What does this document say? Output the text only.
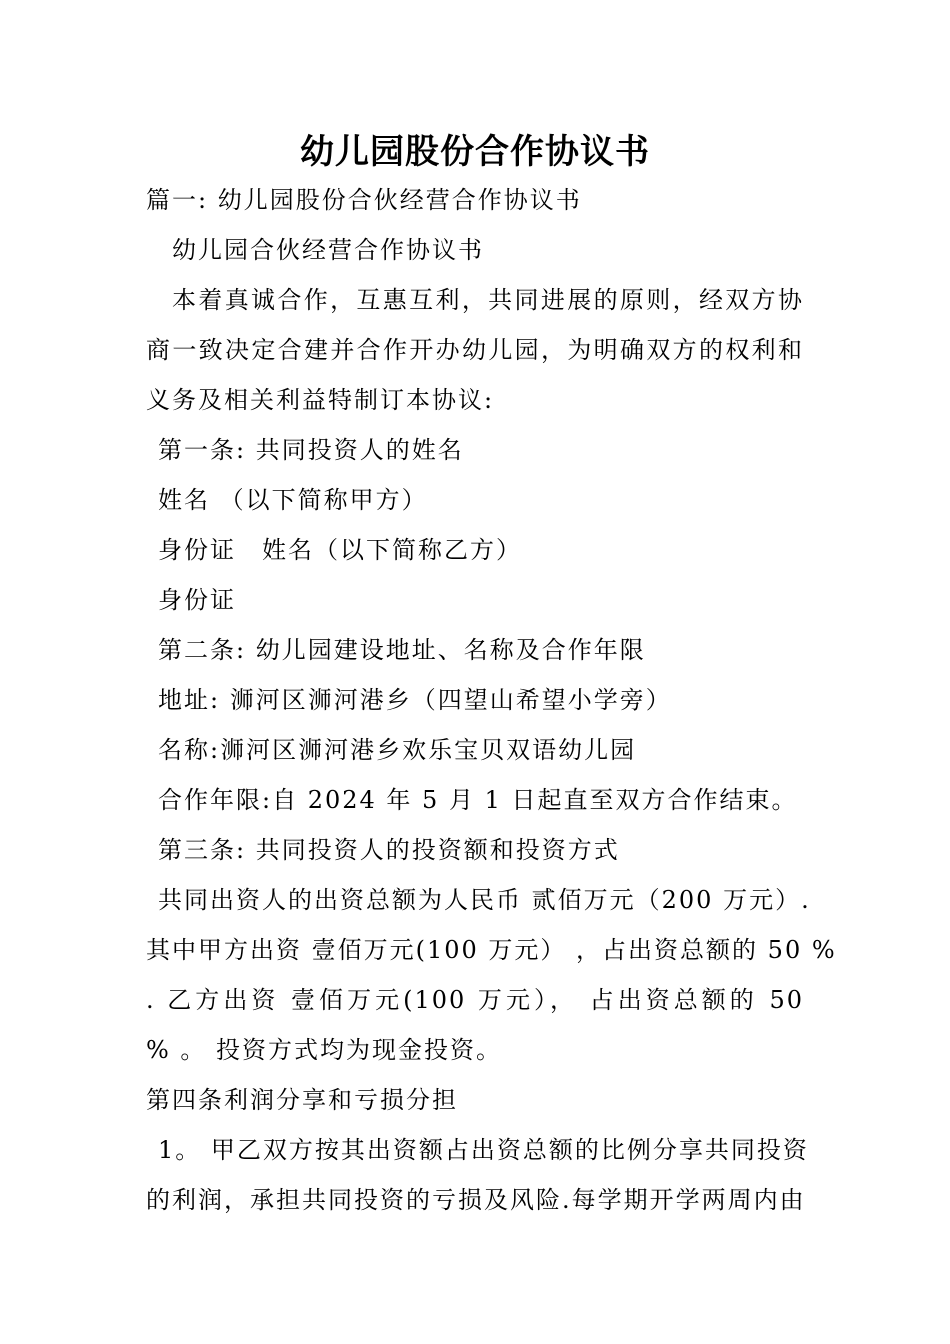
幼儿园股份合作协议书
篇一: 幼儿园股份合伙经营合作协议书
幼儿园合伙经营合作协议书
本着真诚合作，互惠互利，共同进展的原则，经双方协
商一致决定合建并合作开办幼儿园，为明确双方的权利和
义务及相关利益特制订本协议:
第一条: 共同投资人的姓名
姓名 （以下简称甲方）
身份证　姓名（以下简称乙方）
身份证
第二条: 幼儿园建设地址、名称及合作年限
地址: 浉河区浉河港乡（四望山希望小学旁）
名称:浉河区浉河港乡欢乐宝贝双语幼儿园
合作年限:自 2024 年 5 月 1 日起直至双方合作结束。
第三条: 共同投资人的投资额和投资方式
共同出资人的出资总额为人民币 贰佰万元（200 万元）.
其中甲方出资 壹佰万元(100 万元） ，占出资总额的 50 %
. 乙方出资 壹佰万元(100 万元）， 占出资总额的 50
% 。 投资方式均为现金投资。
第四条利润分享和亏损分担
1。 甲乙双方按其出资额占出资总额的比例分享共同投资
的利润，承担共同投资的亏损及风险.每学期开学两周内由
